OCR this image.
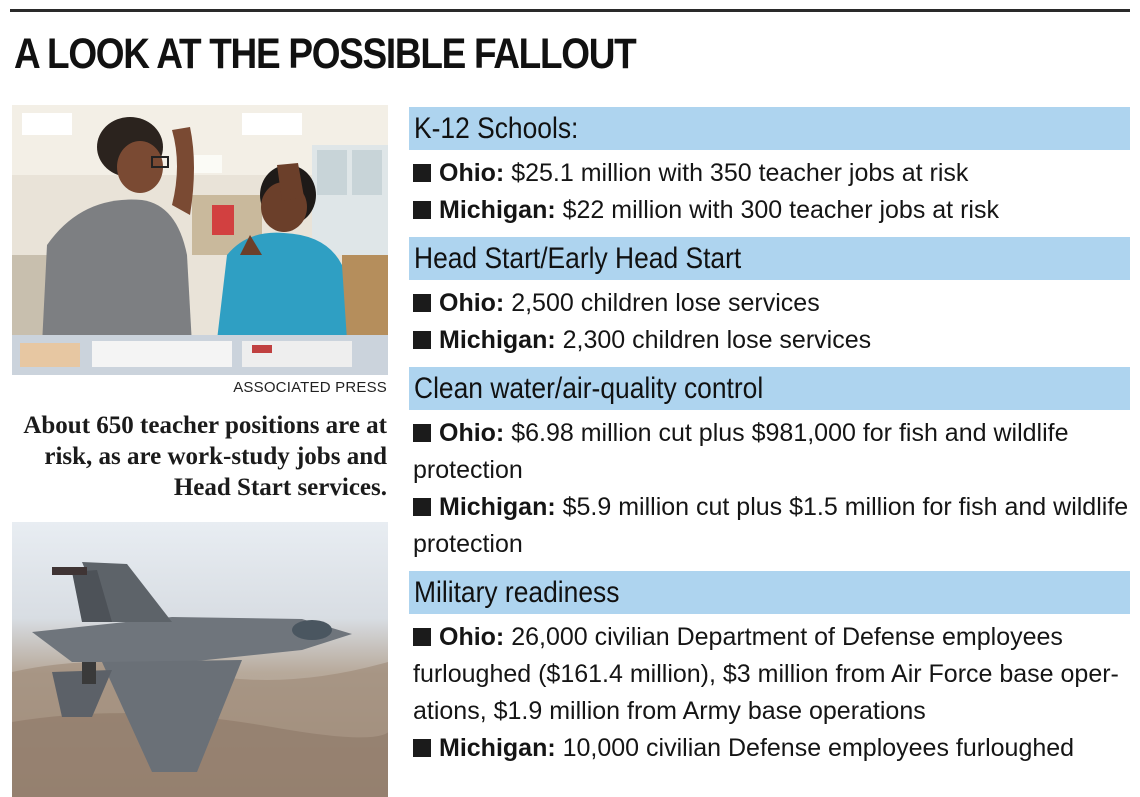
A LOOK AT THE POSSIBLE FALLOUT
ASSOCIATED PRESS

About 650 teacher positions are at risk, as are work-study jobs and Head Start services.

K-12 Schools:

Ohio: $25.1 million with 350 teacher jobs at risk

Michigan: $22 million with 300 teacher jobs at risk

Head Start/Early Head Start

Ohio: 2,500 children lose services

Michigan: 2,300 children lose services

Clean water/air-quality control

Ohio: $6.98 million cut plus $981,000 for fish and wildlife protection

Michigan: $5.9 million cut plus $1.5 million for fish and wildlife protection

Military readiness

Ohio: 26,000 civilian Department of Defense employees furloughed ($161.4 million), $3 million from Air Force base oper-ations, $1.9 million from Army base operations

Michigan: 10,000 civilian Defense employees furloughed
